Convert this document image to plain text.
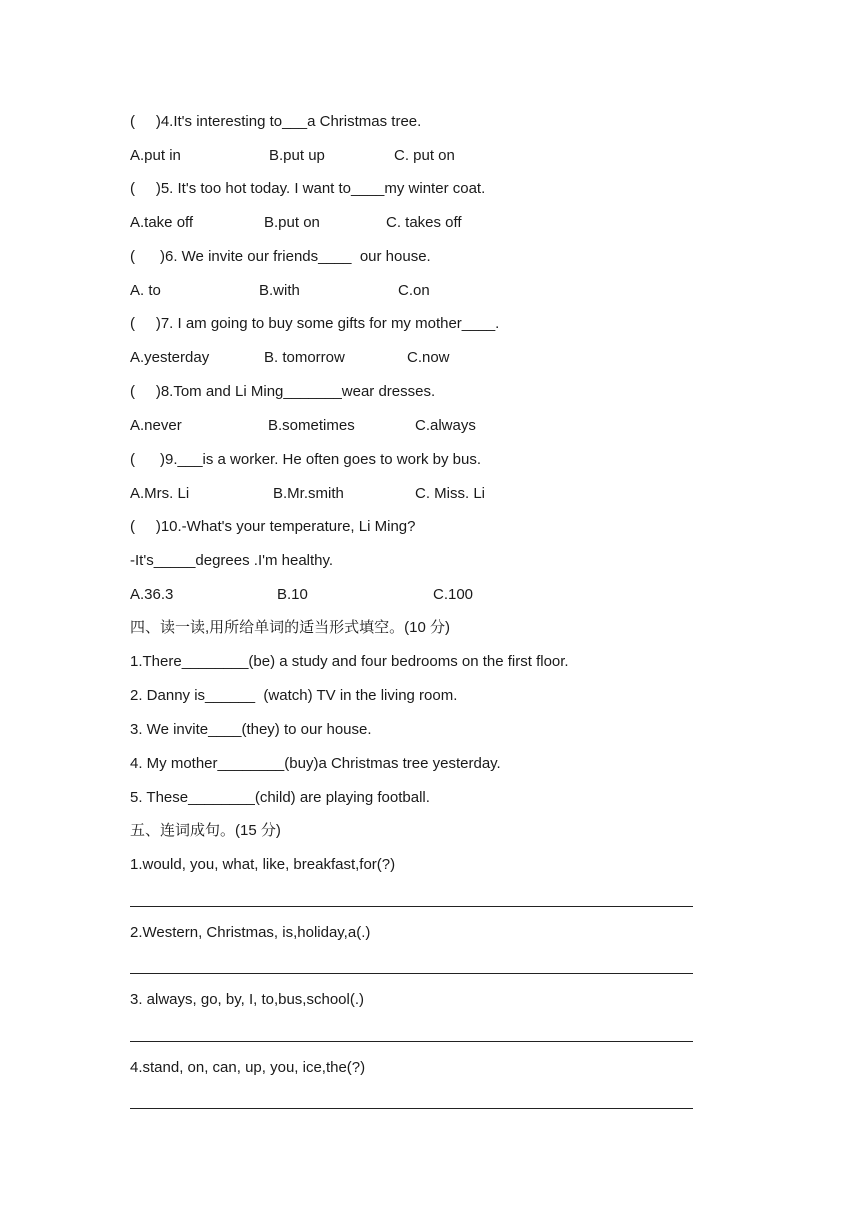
(     )4.It's interesting to___a Christmas tree.
A.put in	B.put up	C. put on
(     )5. It's too hot today. I want to____my winter coat.
A.take off	B.put on	C. takes off
(      )6. We invite our friends____  our house.
A. to	B.with	C.on
(     )7. I am going to buy some gifts for my mother____.
A.yesterday	B. tomorrow	C.now
(     )8.Tom and Li Ming_______wear dresses.
A.never	B.sometimes	C.always
(      )9.___is a worker. He often goes to work by bus.
A.Mrs. Li	B.Mr.smith	C. Miss. Li
(     )10.-What's your temperature, Li Ming?
-It's_____degrees .I'm healthy.
A.36.3	B.10	C.100
四、读一读,用所给单词的适当形式填空。(10 分)
1.There________(be) a study and four bedrooms on the first floor.
2. Danny is______  (watch) TV in the living room.
3. We invite____(they) to our house.
4. My mother________(buy)a Christmas tree yesterday.
5. These________(child) are playing football.
五、连词成句。(15 分)
1.would, you, what, like, breakfast,for(?)
2.Western, Christmas, is,holiday,a(.)
3. always, go, by, I, to,bus,school(.)
4.stand, on, can, up, you, ice,the(?)
